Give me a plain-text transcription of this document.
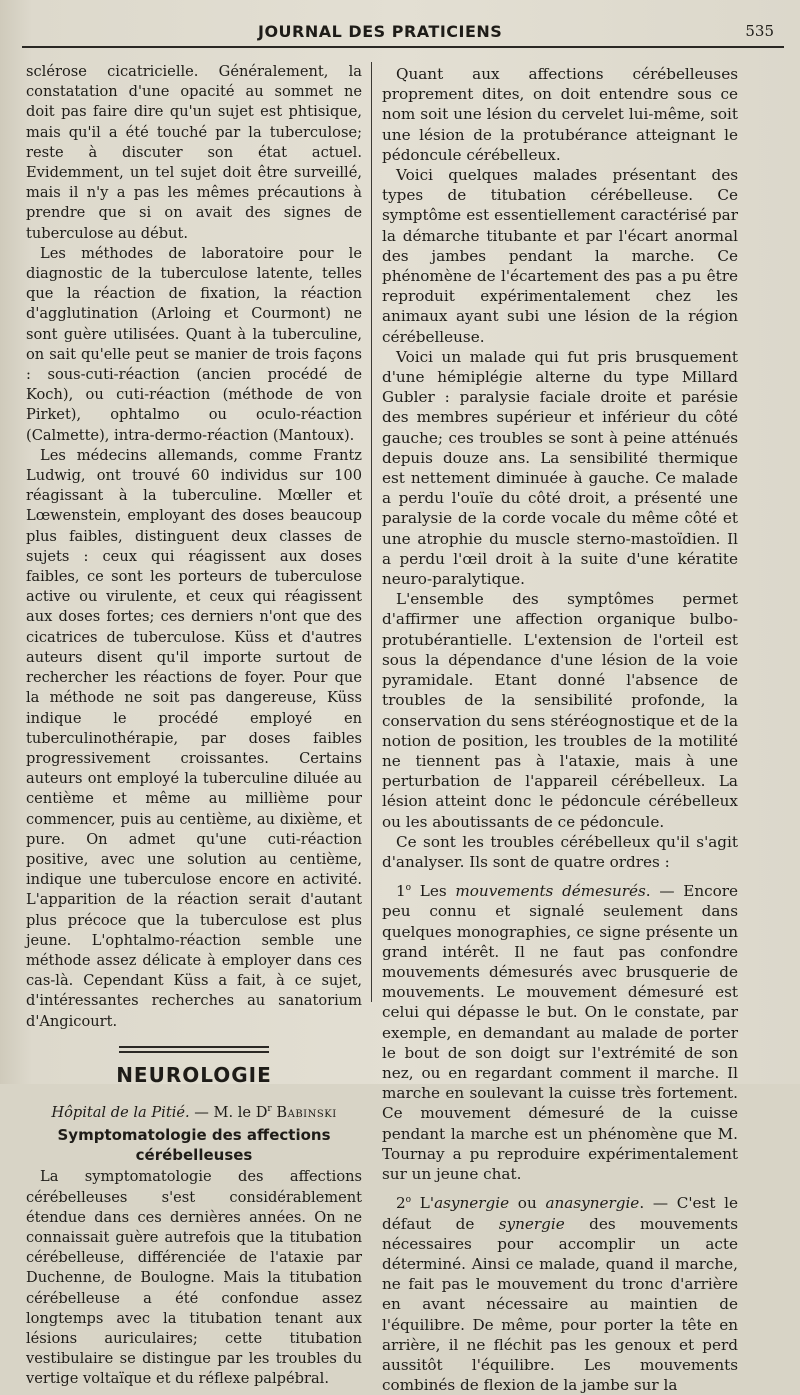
JOURNAL DES PRATICIENS	535

sclérose cicatricielle. Généralement, la constatation d'une opacité au sommet ne doit pas faire dire qu'un sujet est phtisique, mais qu'il a été touché par la tuberculose; reste à discuter son état actuel. Evidemment, un tel sujet doit être surveillé, mais il n'y a pas les mêmes précautions à prendre que si on avait des signes de tuberculose au début.

Les méthodes de laboratoire pour le diagnostic de la tuberculose latente, telles que la réaction de fixation, la réaction d'agglutination (Arloing et Courmont) ne sont guère utilisées. Quant à la tuberculine, on sait qu'elle peut se manier de trois façons : sous-cuti-réaction (ancien procédé de Koch), ou cuti-réaction (méthode de von Pirket), ophtalmo ou oculo-réaction (Calmette), intra-dermo-réaction (Mantoux).

Les médecins allemands, comme Frantz Ludwig, ont trouvé 60 individus sur 100 réagissant à la tuberculine. Mœller et Lœwenstein, employant des doses beaucoup plus faibles, distinguent deux classes de sujets : ceux qui réagissent aux doses faibles, ce sont les porteurs de tuberculose active ou virulente, et ceux qui réagissent aux doses fortes; ces derniers n'ont que des cicatrices de tuberculose. Küss et d'autres auteurs disent qu'il importe surtout de rechercher les réactions de foyer. Pour que la méthode ne soit pas dangereuse, Küss indique le procédé employé en tuberculinothérapie, par doses faibles progressivement croissantes. Certains auteurs ont employé la tuberculine diluée au centième et même au millième pour commencer, puis au centième, au dixième, et pure. On admet qu'une cuti-réaction positive, avec une solution au centième, indique une tuberculose encore en activité. L'apparition de la réaction serait d'autant plus précoce que la tuberculose est plus jeune. L'ophtalmo-réaction semble une méthode assez délicate à employer dans ces cas-là. Cependant Küss a fait, à ce sujet, d'intéressantes recherches au sanatorium d'Angicourt.

NEUROLOGIE

Hôpital de la Pitié. — M. le $D^r$ Babinski

Symptomatologie des affections cérébelleuses

La symptomatologie des affections cérébelleuses s'est considérablement étendue dans ces dernières années. On ne connaissait guère autrefois que la titubation cérébelleuse, différenciée de l'ataxie par Duchenne, de Boulogne. Mais la titubation cérébelleuse a été confondue assez longtemps avec la titubation tenant aux lésions auriculaires; cette titubation vestibulaire se distingue par les troubles du vertige voltaïque et du réflexe palpébral.

Quant aux affections cérébelleuses proprement dites, on doit entendre sous ce nom soit une lésion du cervelet lui-même, soit une lésion de la protubérance atteignant le pédoncule cérébelleux.

Voici quelques malades présentant des types de titubation cérébelleuse. Ce symptôme est essentiellement caractérisé par la démarche titubante et par l'écart anormal des jambes pendant la marche. Ce phénomène de l'écartement des pas a pu être reproduit expérimentalement chez les animaux ayant subi une lésion de la région cérébelleuse.

Voici un malade qui fut pris brusquement d'une hémiplégie alterne du type Millard Gubler : paralysie faciale droite et parésie des membres supérieur et inférieur du côté gauche; ces troubles se sont à peine atténués depuis douze ans. La sensibilité thermique est nettement diminuée à gauche. Ce malade a perdu l'ouïe du côté droit, a présenté une paralysie de la corde vocale du même côté et une atrophie du muscle sterno-mastoïdien. Il a perdu l'œil droit à la suite d'une kératite neuro-paralytique.

L'ensemble des symptômes permet d'affirmer une affection organique bulbo-protubérantielle. L'extension de l'orteil est sous la dépendance d'une lésion de la voie pyramidale. Etant donné l'absence de troubles de la sensibilité profonde, la conservation du sens stéréognostique et de la notion de position, les troubles de la motilité ne tiennent pas à l'ataxie, mais à une perturbation de l'appareil cérébelleux. La lésion atteint donc le pédoncule cérébelleux ou les aboutissants de ce pédoncule.

Ce sont les troubles cérébelleux qu'il s'agit d'analyser. Ils sont de quatre ordres :

1$^o$ Les mouvements démesurés. — Encore peu connu et signalé seulement dans quelques monographies, ce signe présente un grand intérêt. Il ne faut pas confondre mouvements démesurés avec brusquerie de mouvements. Le mouvement démesuré est celui qui dépasse le but. On le constate, par exemple, en demandant au malade de porter le bout de son doigt sur l'extrémité de son nez, ou en regardant comment il marche. Il marche en soulevant la cuisse très fortement. Ce mouvement démesuré de la cuisse pendant la marche est un phénomène que M. Tournay a pu reproduire expérimentalement sur un jeune chat.

2$^o$ L'asynergie ou anasynergie. — C'est le défaut de synergie des mouvements nécessaires pour accomplir un acte déterminé. Ainsi ce malade, quand il marche, ne fait pas le mouvement du tronc d'arrière en avant nécessaire au maintien de l'équilibre. De même, pour porter la tête en arrière, il ne fléchit pas les genoux et perd aussitôt l'équilibre. Les mouvements combinés de flexion de la jambe sur la
